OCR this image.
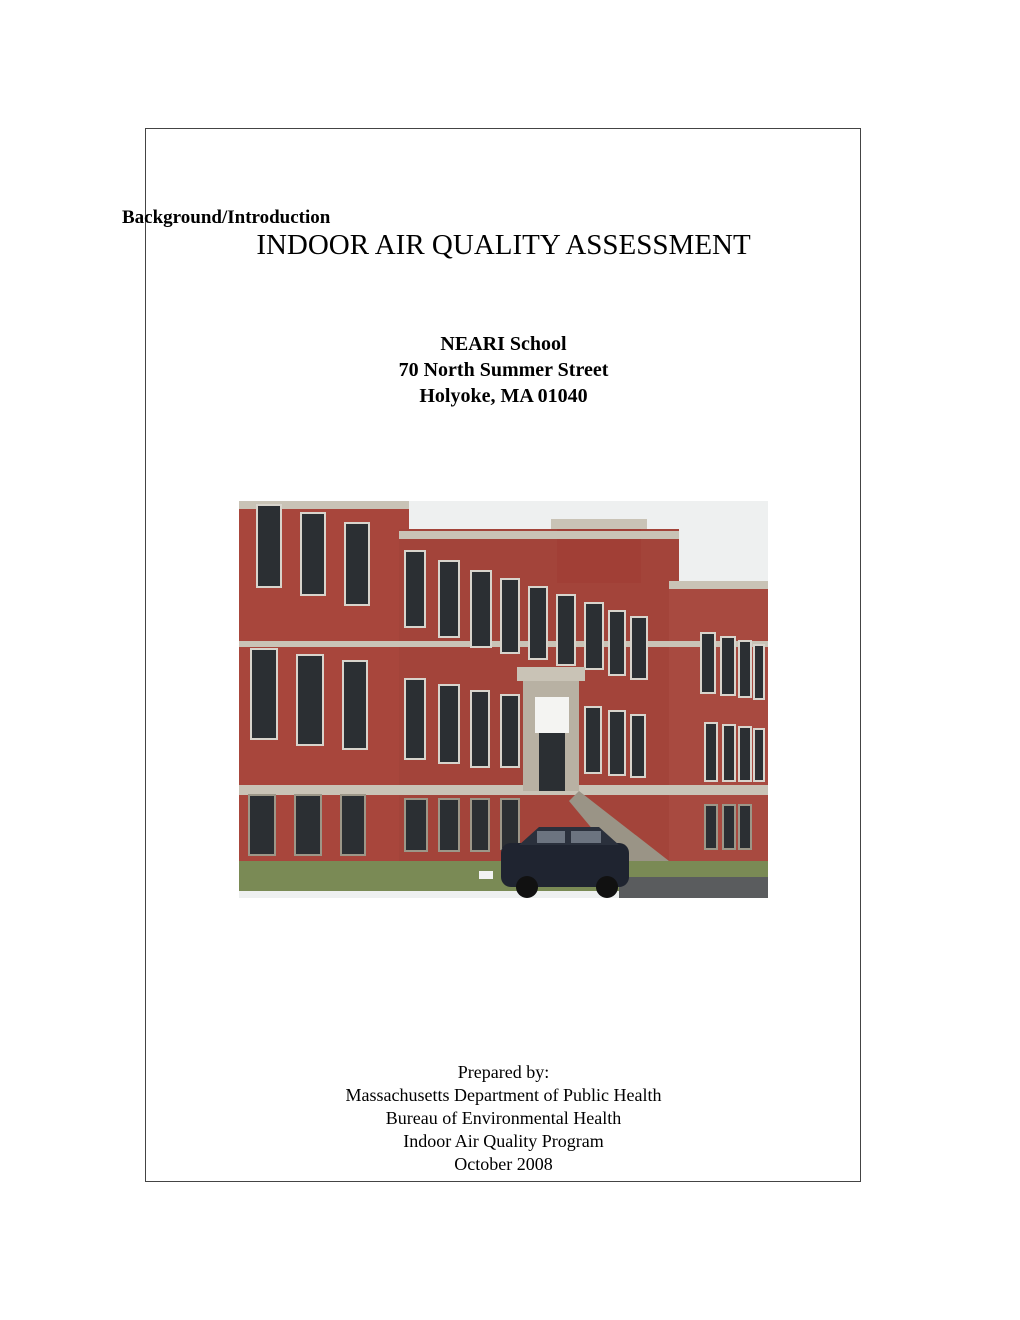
Background/Introduction
INDOOR AIR QUALITY ASSESSMENT
NEARI School
70 North Summer Street
Holyoke, MA 01040
Prepared by:
Massachusetts Department of Public Health
Bureau of Environmental Health
Indoor Air Quality Program
October 2008
